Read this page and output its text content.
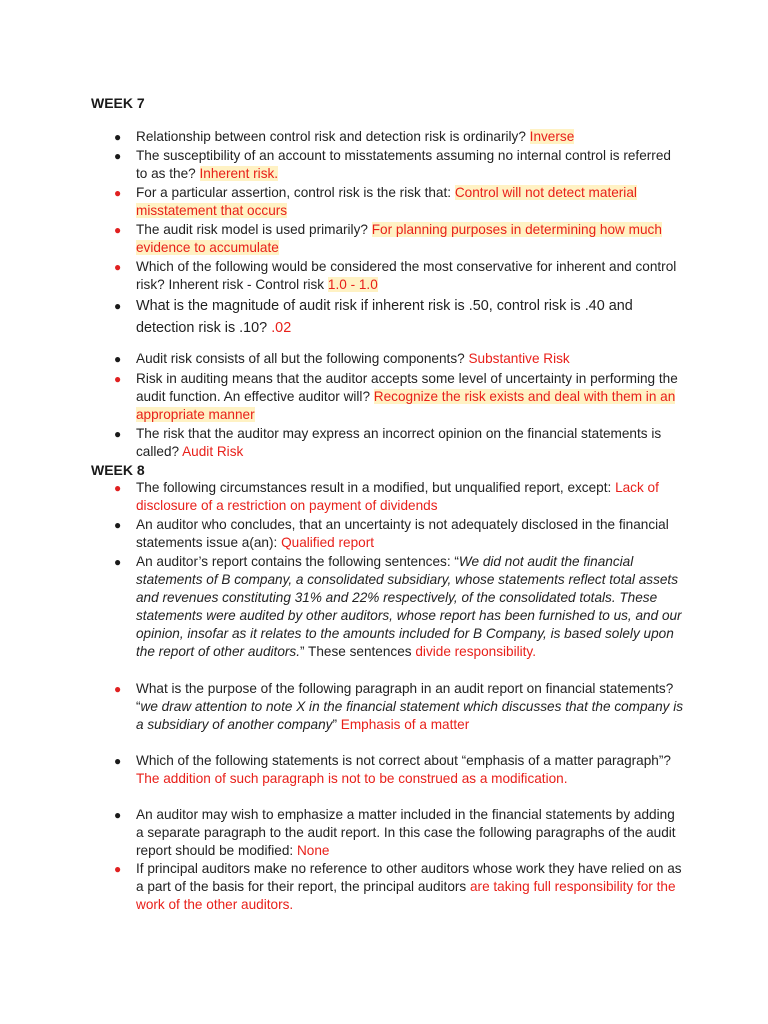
WEEK 7
● Relationship between control risk and detection risk is ordinarily? Inverse
● The susceptibility of an account to misstatements assuming no internal control is referred to as the? Inherent risk.
● For a particular assertion, control risk is the risk that: Control will not detect material misstatement that occurs
● The audit risk model is used primarily? For planning purposes in determining how much evidence to accumulate
● Which of the following would be considered the most conservative for inherent and control risk? Inherent risk - Control risk 1.0 - 1.0
● What is the magnitude of audit risk if inherent risk is .50, control risk is .40 and detection risk is .10? .02
● Audit risk consists of all but the following components? Substantive Risk
● Risk in auditing means that the auditor accepts some level of uncertainty in performing the audit function. An effective auditor will? Recognize the risk exists and deal with them in an appropriate manner
● The risk that the auditor may express an incorrect opinion on the financial statements is called? Audit Risk
WEEK 8
● The following circumstances result in a modified, but unqualified report, except: Lack of disclosure of a restriction on payment of dividends
● An auditor who concludes, that an uncertainty is not adequately disclosed in the financial statements issue a(an): Qualified report
● An auditor’s report contains the following sentences: “We did not audit the financial statements of B company, a consolidated subsidiary, whose statements reflect total assets and revenues constituting 31% and 22% respectively, of the consolidated totals. These statements were audited by other auditors, whose report has been furnished to us, and our opinion, insofar as it relates to the amounts included for B Company, is based solely upon the report of other auditors.” These sentences divide responsibility.
● What is the purpose of the following paragraph in an audit report on financial statements? “we draw attention to note X in the financial statement which discusses that the company is a subsidiary of another company” Emphasis of a matter
● Which of the following statements is not correct about “emphasis of a matter paragraph”? The addition of such paragraph is not to be construed as a modification.
● An auditor may wish to emphasize a matter included in the financial statements by adding a separate paragraph to the audit report. In this case the following paragraphs of the audit report should be modified: None
● If principal auditors make no reference to other auditors whose work they have relied on as a part of the basis for their report, the principal auditors are taking full responsibility for the work of the other auditors.
